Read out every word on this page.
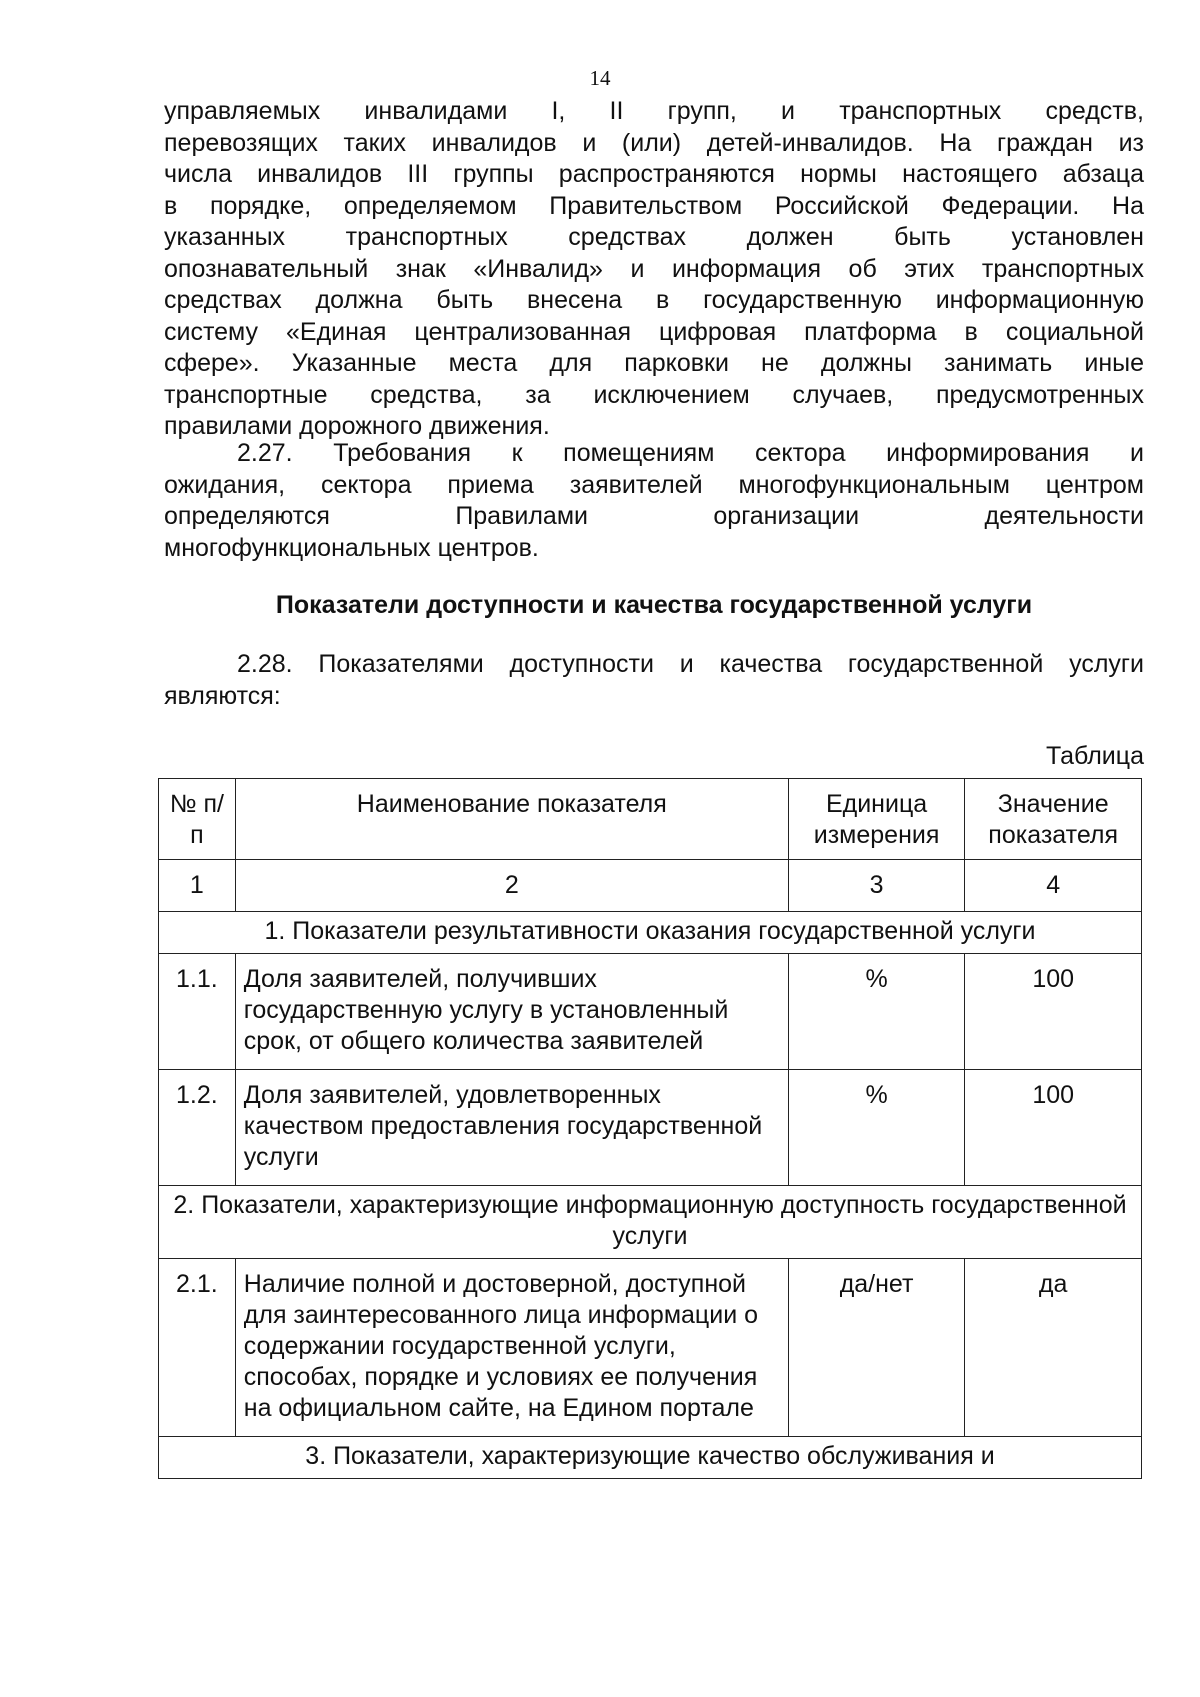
14
управляемых инвалидами I, II групп, и транспортных средств,
перевозящих таких инвалидов и (или) детей-инвалидов. На граждан из
числа инвалидов III группы распространяются нормы настоящего абзаца
в порядке, определяемом Правительством Российской Федерации. На
указанных транспортных средствах должен быть установлен
опознавательный знак «Инвалид» и информация об этих транспортных
средствах должна быть внесена в государственную информационную
систему «Единая централизованная цифровая платформа в социальной
сфере». Указанные места для парковки не должны занимать иные
транспортные средства, за исключением случаев, предусмотренных
правилами дорожного движения.
2.27. Требования к помещениям сектора информирования и
ожидания, сектора приема заявителей многофункциональным центром
определяются Правилами организации деятельности
многофункциональных центров.
Показатели доступности и качества государственной услуги
2.28. Показателями доступности и качества государственной услуги
являются:
Таблица
№ п/п	Наименование показателя	Единица измерения	Значение показателя
1	2	3	4
1. Показатели результативности оказания государственной услуги			
1.1.	Доля заявителей, получивших государственную услугу в установленный срок, от общего количества заявителей	%	100
1.2.	Доля заявителей, удовлетворенных качеством предоставления государственной услуги	%	100
2. Показатели, характеризующие информационную доступность государственной услуги			
2.1.	Наличие полной и достоверной, доступной для заинтересованного лица информации о содержании государственной услуги, способах, порядке и условиях ее получения на официальном сайте, на Едином портале	да/нет	да
3. Показатели, характеризующие качество обслуживания и			
